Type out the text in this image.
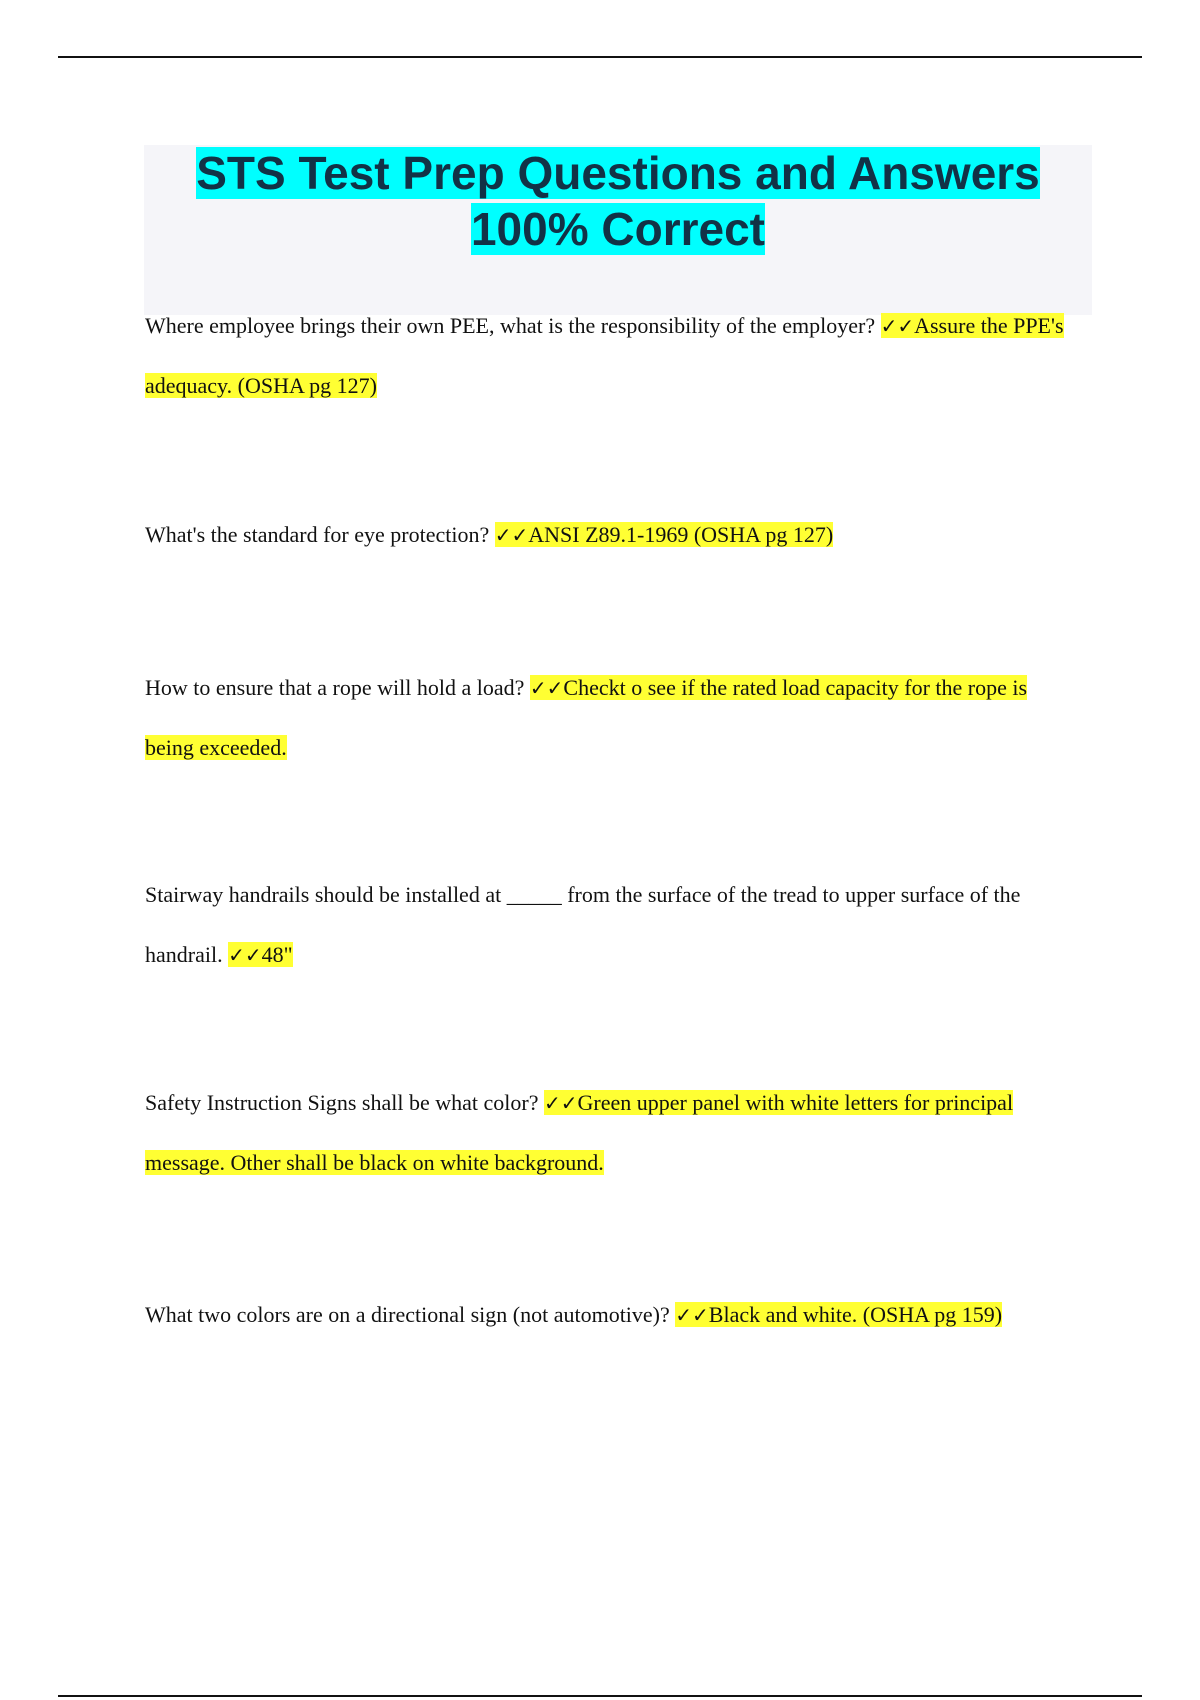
STS Test Prep Questions and Answers 100% Correct

Where employee brings their own PEE, what is the responsibility of the employer? ✓✓Assure the PPE's adequacy. (OSHA pg 127)

What's the standard for eye protection? ✓✓ANSI Z89.1-1969 (OSHA pg 127)

How to ensure that a rope will hold a load? ✓✓Checkt o see if the rated load capacity for the rope is being exceeded.

Stairway handrails should be installed at _____ from the surface of the tread to upper surface of the handrail. ✓✓48"

Safety Instruction Signs shall be what color? ✓✓Green upper panel with white letters for principal message. Other shall be black on white background.

What two colors are on a directional sign (not automotive)? ✓✓Black and white. (OSHA pg 159)
